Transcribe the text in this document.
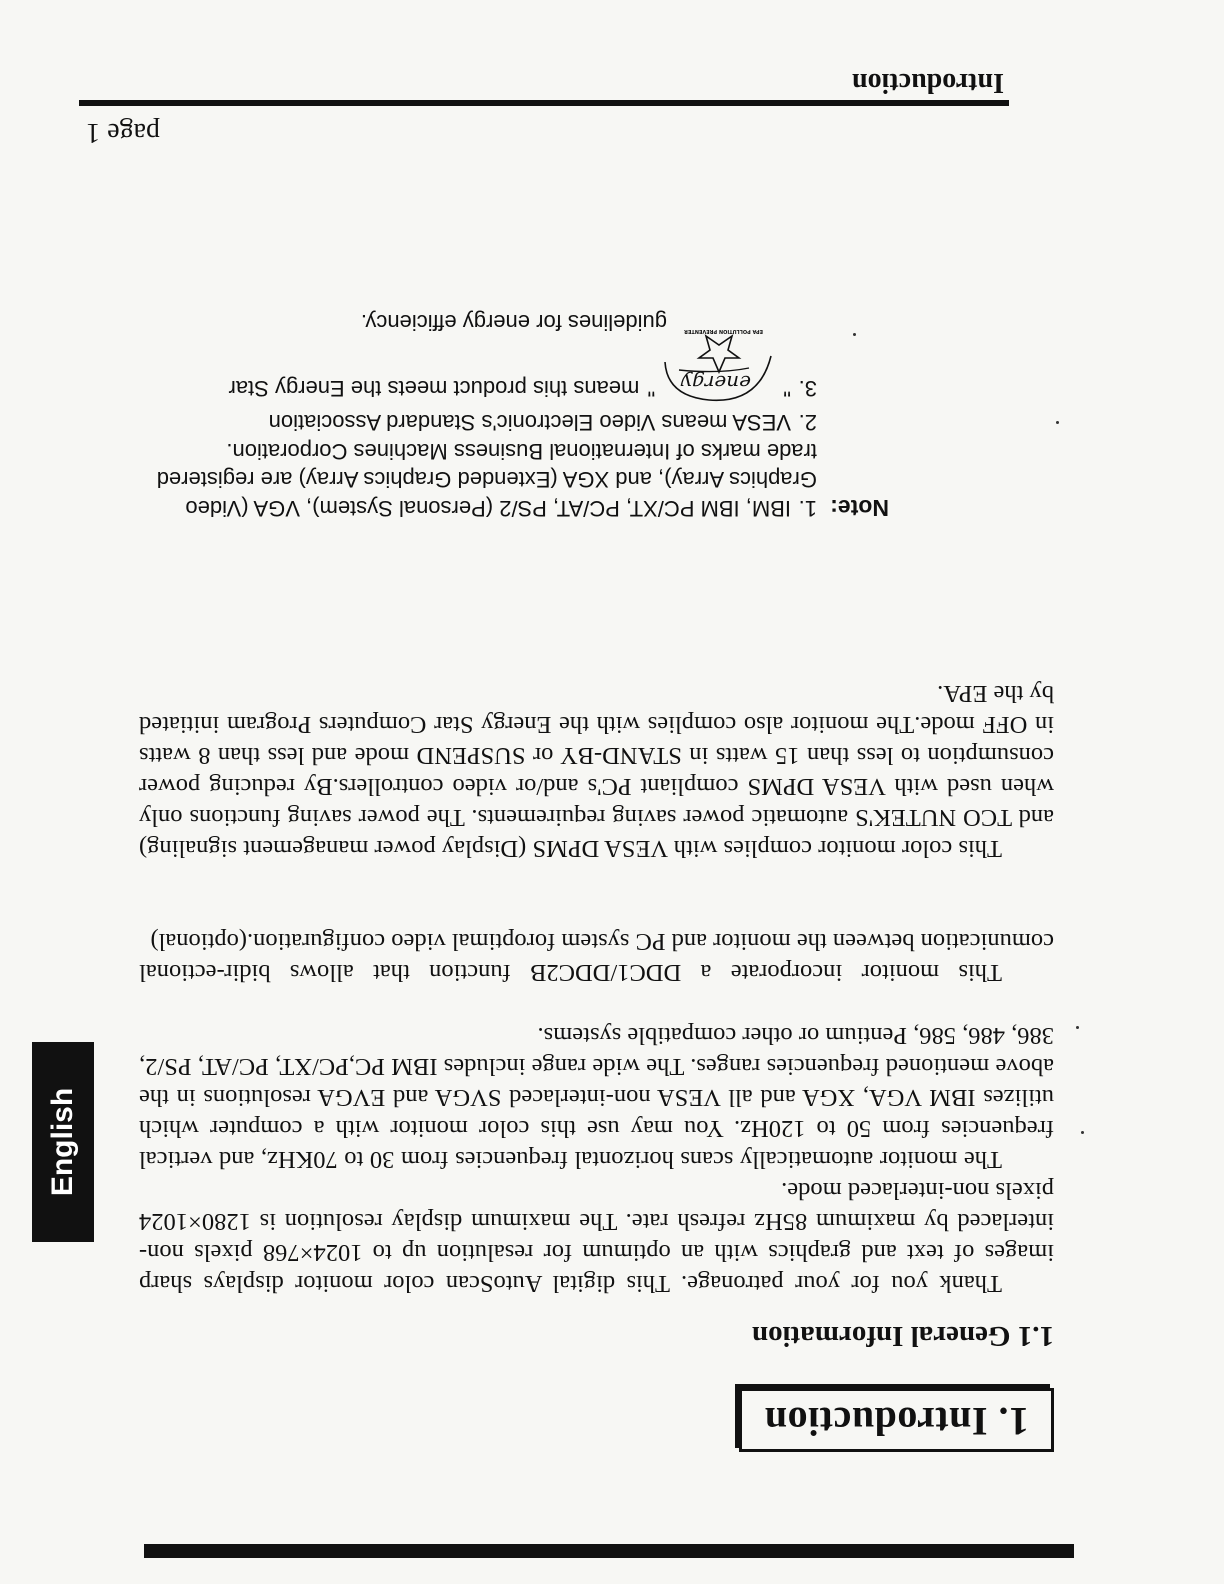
1. Introduction
1.1 General Information

Thank you for your patronage. This digital AutoScan color monitor displays sharp images of text and graphics with an optimum for resalution up to 1024×768 pixels non-interlaced by maximum 85Hz refresh rate. The maximum display resolution is 1280×1024 pixels non-interlaced mode.

The monitor automatically scans horizontal frequencies from 30 to 70KHz, and vertical frequencies from 50 to 120Hz. You may use this color monitor with a computer which utilizes IBM VGA, XGA and all VESA non-interlaced SVGA and EVGA resolutions in the above mentioned frequencies ranges. The wide range includes IBM PC,PC/XT, PC/AT, PS/2, 386, 486, 586, Pentium or other compatible systems.

This monitor incorporate a DDC1/DDC2B function that allows bidir-ectional comunication between the monitor and PC system foroptimal video configuration.(optional)

This color monitor complies with VESA DPMS (Display power management signaling) and TCO NUTEK'S automatic power saving requirements. The power saving functions only when used with VESA DPMS compliant PC's and/or video controllers.By reducing power consumption to less than 15 watts in STAND-BY or SUSPEND mode and less than 8 watts in OFF mode.The monitor also complies with the Energy Star Computers Program initiated by the EPA.

Note:
1.IBM, IBM PC/XT, PC/AT, PS/2 (Personal System), VGA (Video Graphics Array), and XGA (Extended Graphics Array) are registered trade marks of International Business Machines Corporation.
2.VESA means Video Electronic's Standard Association
3.
"
energy
EPA POLLUTION PREVENTER
"
means this product meets the Energy Star
guidelines for energy efficiency.
English
Introduction
page 1
